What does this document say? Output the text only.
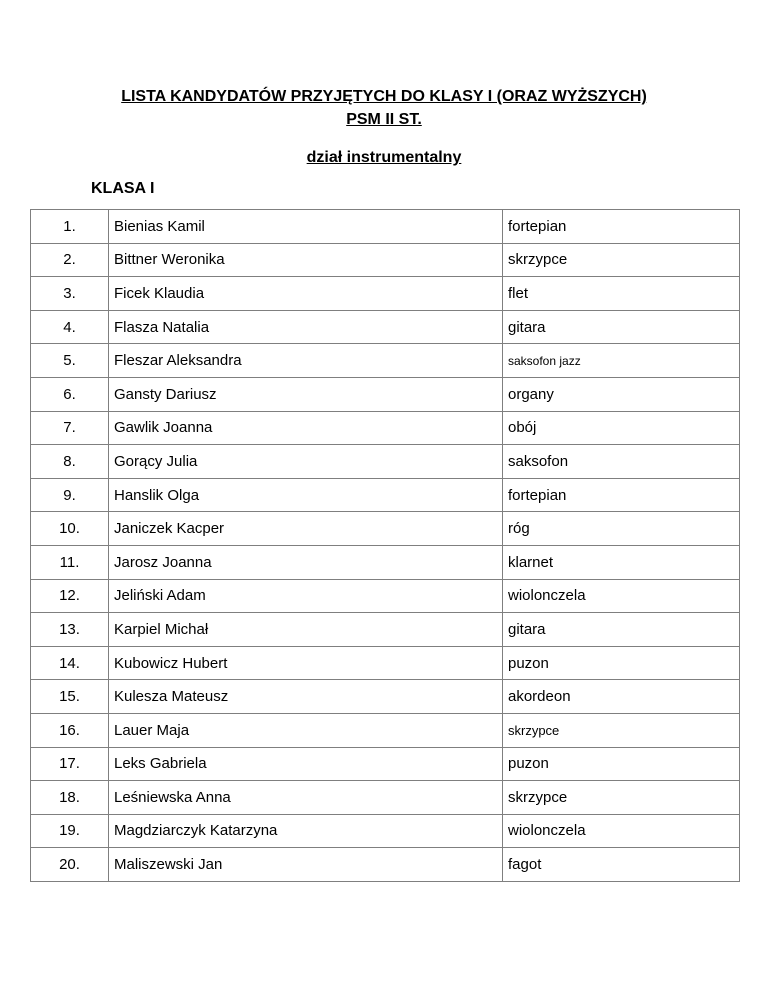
LISTA KANDYDATÓW PRZYJĘTYCH DO KLASY I (ORAZ WYŻSZYCH)
PSM II ST.
dział instrumentalny
KLASA I
1.	Bienias Kamil	fortepian
2.	Bittner Weronika	skrzypce
3.	Ficek Klaudia	flet
4.	Flasza Natalia	gitara
5.	Fleszar Aleksandra	saksofon jazz
6.	Gansty Dariusz	organy
7.	Gawlik Joanna	obój
8.	Gorący Julia	saksofon
9.	Hanslik Olga	fortepian
10.	Janiczek Kacper	róg
11.	Jarosz Joanna	klarnet
12.	Jeliński Adam	wiolonczela
13.	Karpiel Michał	gitara
14.	Kubowicz Hubert	puzon
15.	Kulesza Mateusz	akordeon
16.	Lauer Maja	skrzypce
17.	Leks Gabriela	puzon
18.	Leśniewska Anna	skrzypce
19.	Magdziarczyk Katarzyna	wiolonczela
20.	Maliszewski Jan	fagot
